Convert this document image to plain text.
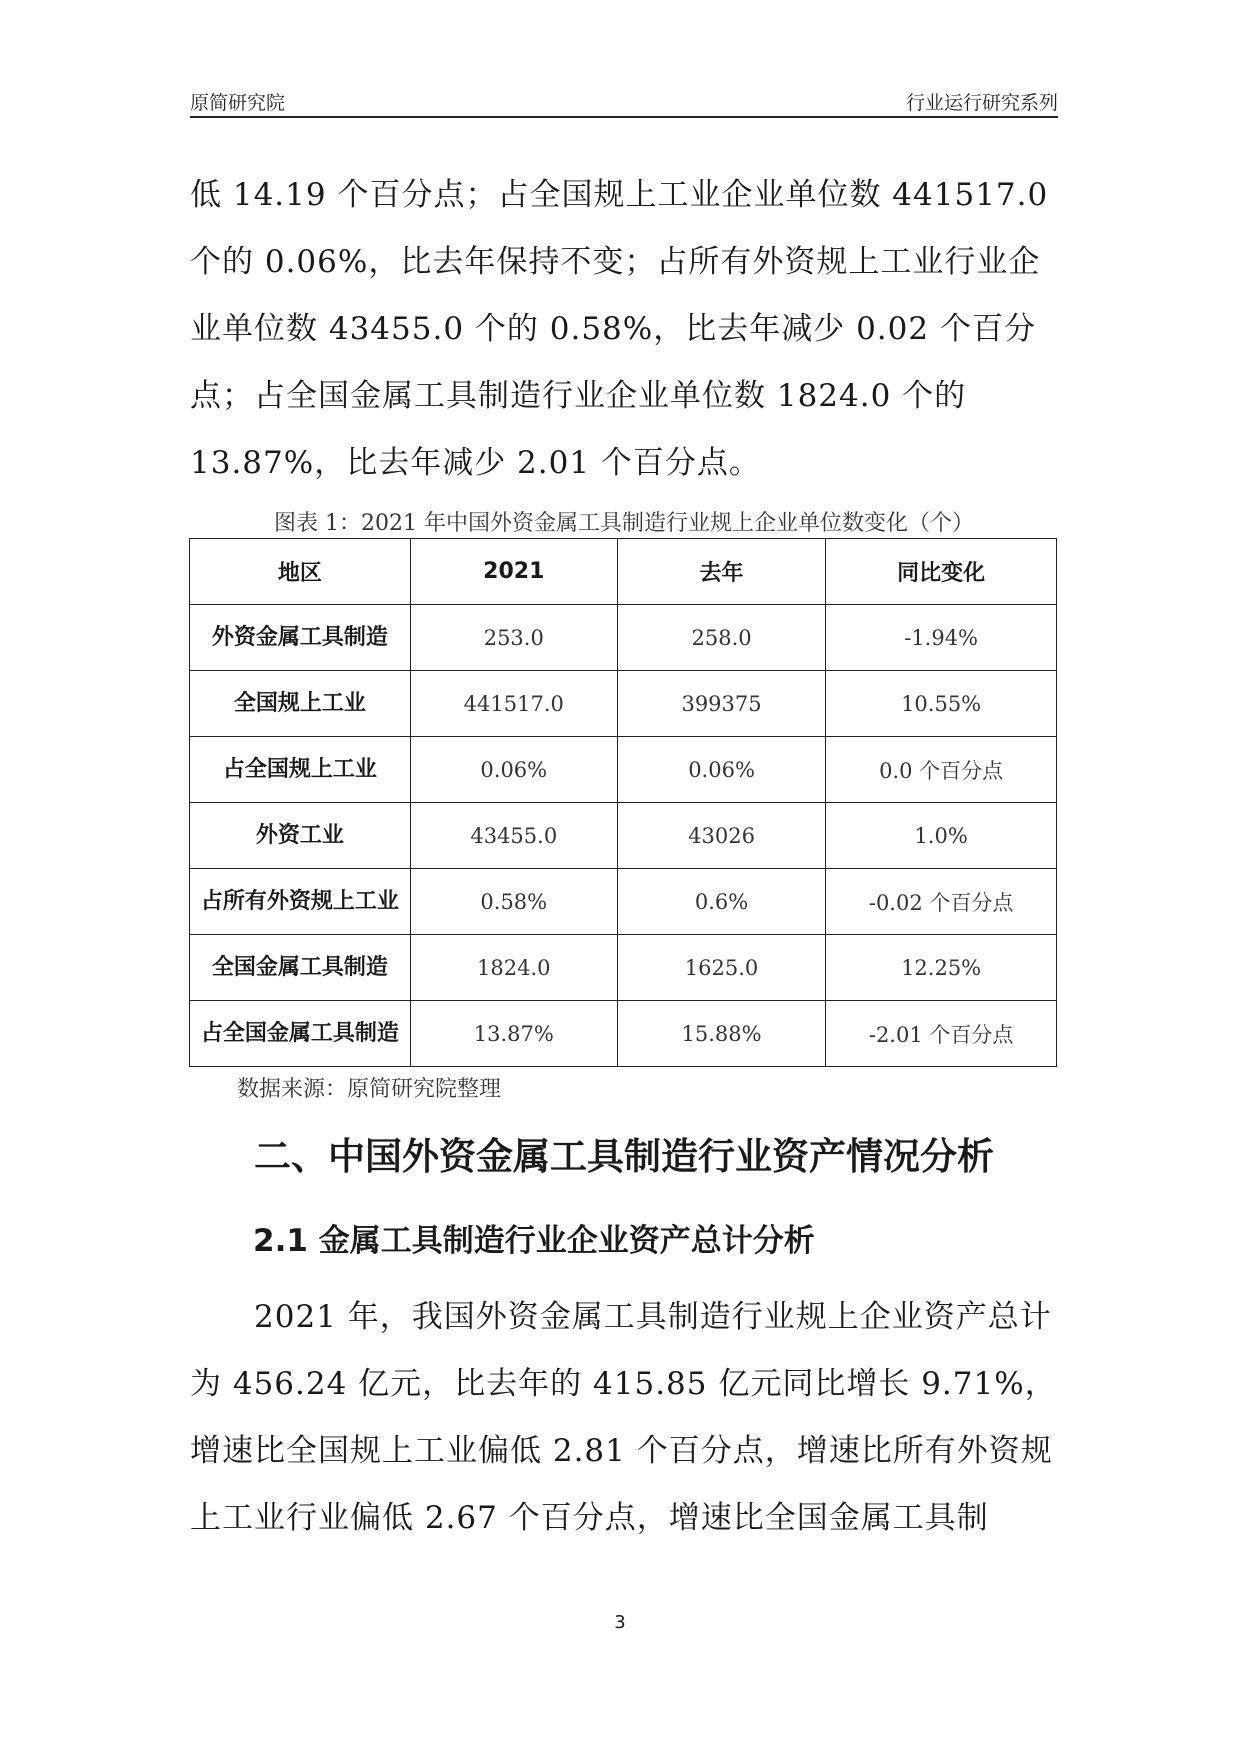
原简研究院	行业运行研究系列

低 14.19 个百分点；占全国规上工业企业单位数 441517.0 个的 0.06%，比去年保持不变；占所有外资规上工业行业企业单位数 43455.0 个的 0.58%，比去年减少 0.02 个百分点；占全国金属工具制造行业企业单位数 1824.0 个的 13.87%，比去年减少 2.01 个百分点。

图表 1：2021 年中国外资金属工具制造行业规上企业单位数变化（个）
地区	2021	去年	同比变化
外资金属工具制造	253.0	258.0	-1.94%
全国规上工业	441517.0	399375	10.55%
占全国规上工业	0.06%	0.06%	0.0 个百分点
外资工业	43455.0	43026	1.0%
占所有外资规上工业	0.58%	0.6%	-0.02 个百分点
全国金属工具制造	1824.0	1625.0	12.25%
占全国金属工具制造	13.87%	15.88%	-2.01 个百分点
数据来源：原简研究院整理
二、中国外资金属工具制造行业资产情况分析
2.1 金属工具制造行业企业资产总计分析

2021 年，我国外资金属工具制造行业规上企业资产总计为 456.24 亿元，比去年的 415.85 亿元同比增长 9.71%，增速比全国规上工业偏低 2.81 个百分点，增速比所有外资规上工业行业偏低 2.67 个百分点，增速比全国金属工具制

3
